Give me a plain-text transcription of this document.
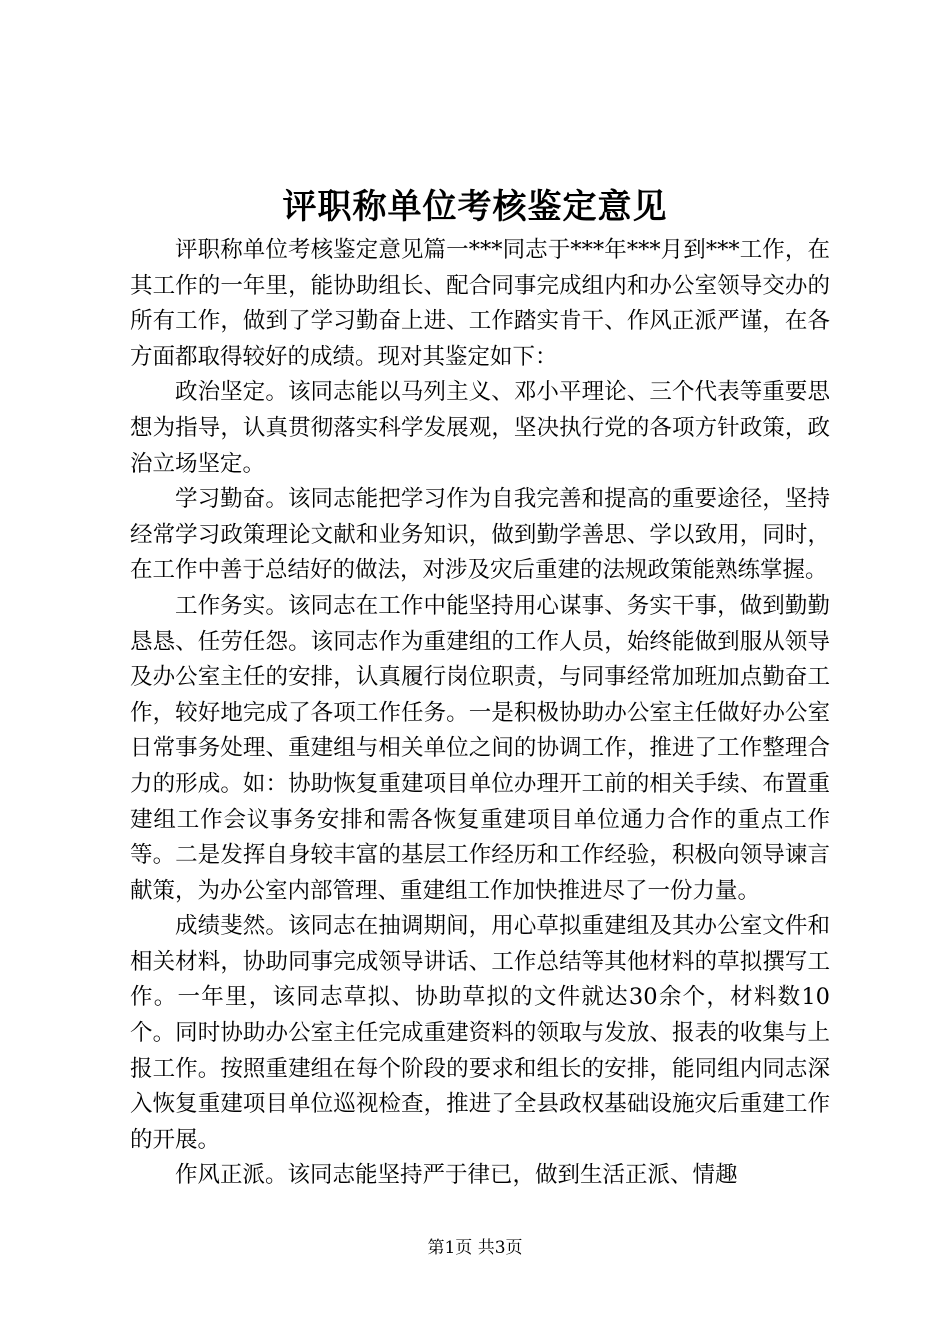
评职称单位考核鉴定意见

评职称单位考核鉴定意见篇一***同志于***年***月到***工作，在其工作的一年里，能协助组长、配合同事完成组内和办公室领导交办的所有工作，做到了学习勤奋上进、工作踏实肯干、作风正派严谨，在各方面都取得较好的成绩。现对其鉴定如下：

政治坚定。该同志能以马列主义、邓小平理论、三个代表等重要思想为指导，认真贯彻落实科学发展观，坚决执行党的各项方针政策，政治立场坚定。

学习勤奋。该同志能把学习作为自我完善和提高的重要途径，坚持经常学习政策理论文献和业务知识，做到勤学善思、学以致用，同时，在工作中善于总结好的做法，对涉及灾后重建的法规政策能熟练掌握。

工作务实。该同志在工作中能坚持用心谋事、务实干事，做到勤勤恳恳、任劳任怨。该同志作为重建组的工作人员，始终能做到服从领导及办公室主任的安排，认真履行岗位职责，与同事经常加班加点勤奋工作，较好地完成了各项工作任务。一是积极协助办公室主任做好办公室日常事务处理、重建组与相关单位之间的协调工作，推进了工作整理合力的形成。如：协助恢复重建项目单位办理开工前的相关手续、布置重建组工作会议事务安排和需各恢复重建项目单位通力合作的重点工作等。二是发挥自身较丰富的基层工作经历和工作经验，积极向领导谏言献策，为办公室内部管理、重建组工作加快推进尽了一份力量。

成绩斐然。该同志在抽调期间，用心草拟重建组及其办公室文件和相关材料，协助同事完成领导讲话、工作总结等其他材料的草拟撰写工作。一年里，该同志草拟、协助草拟的文件就达30余个，材料数10个。同时协助办公室主任完成重建资料的领取与发放、报表的收集与上报工作。按照重建组在每个阶段的要求和组长的安排，能同组内同志深入恢复重建项目单位巡视检查，推进了全县政权基础设施灾后重建工作的开展。

作风正派。该同志能坚持严于律已，做到生活正派、情趣

第1页 共3页
